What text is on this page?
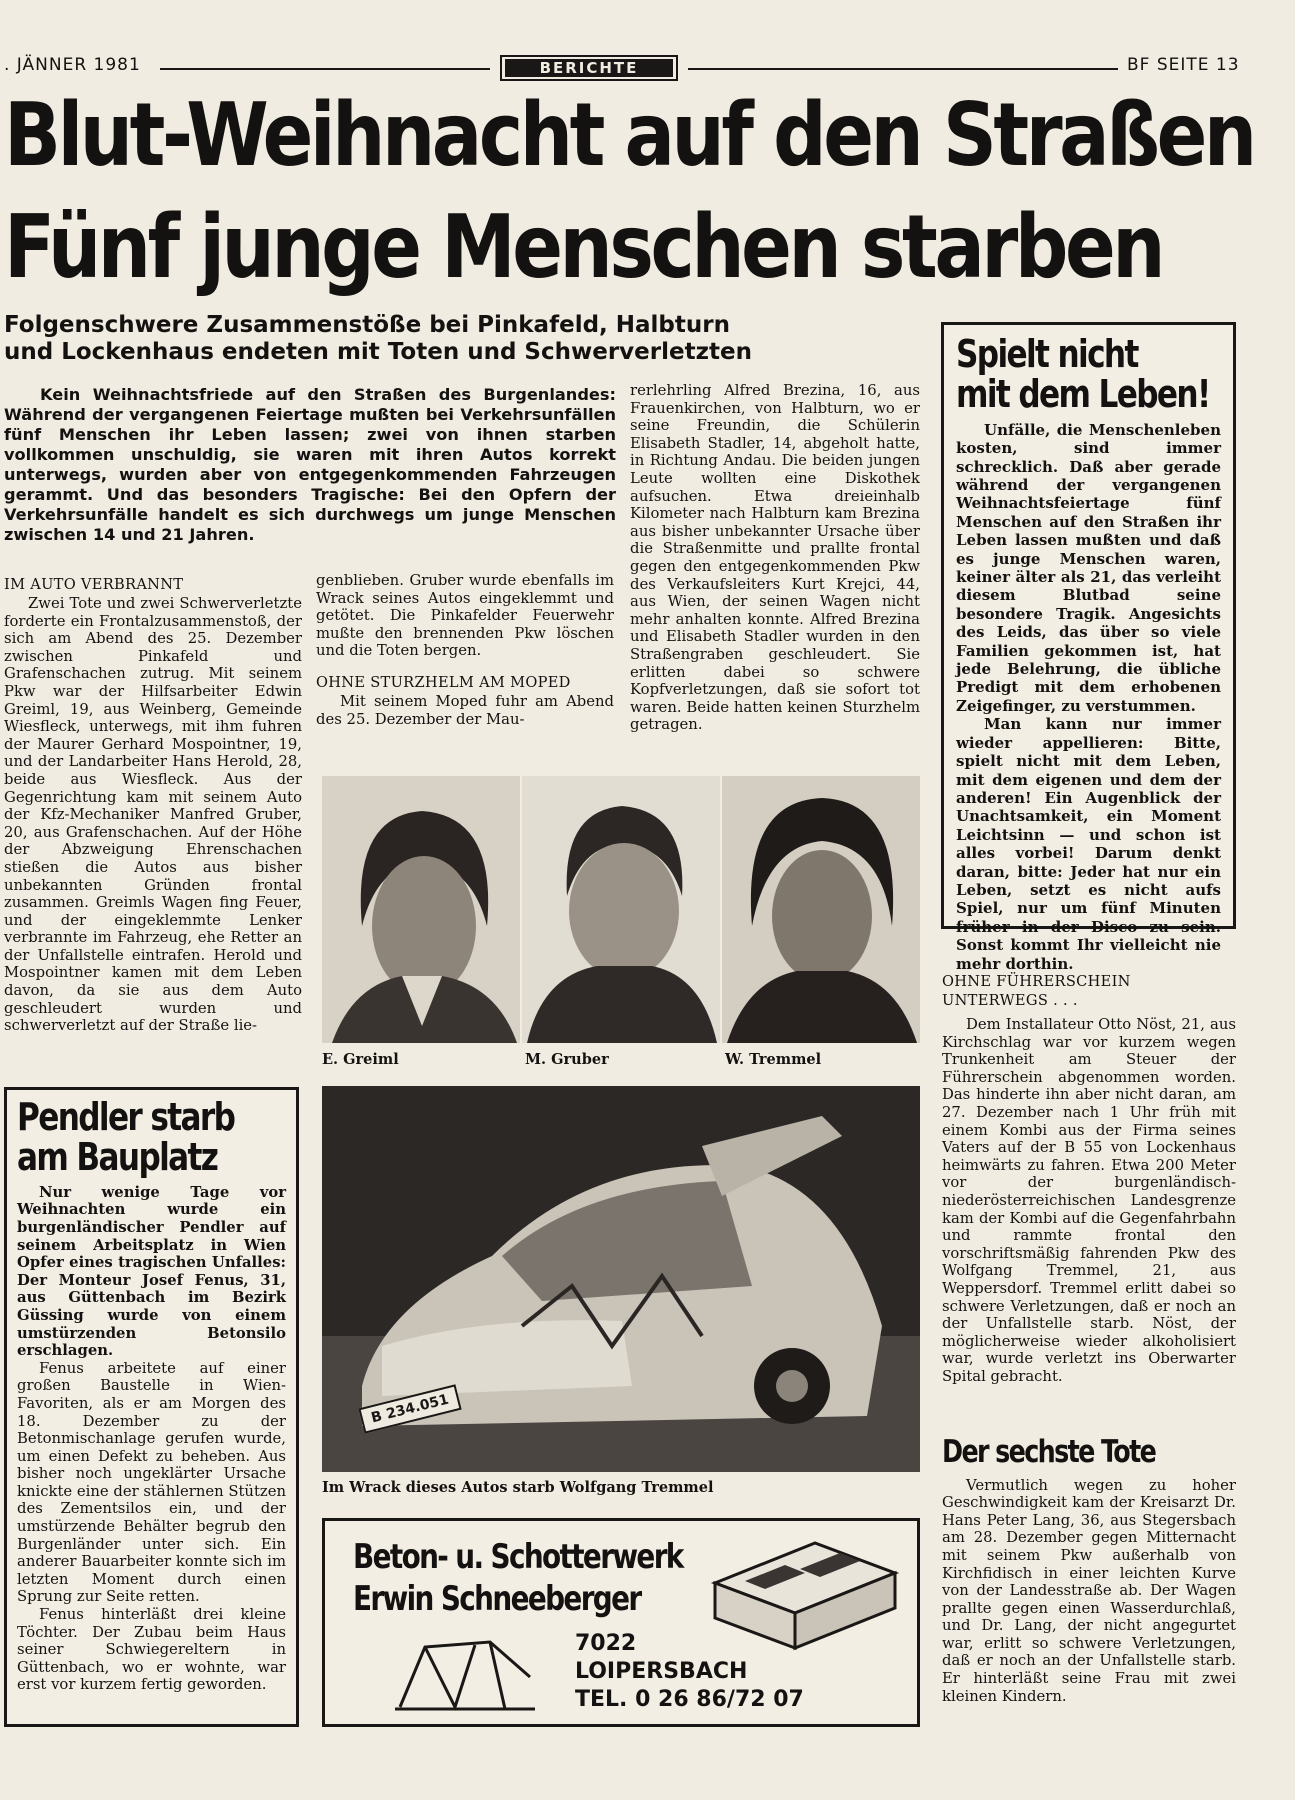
. JÄNNER 1981	BERICHTE	BF SEITE 13
Blut-Weihnacht auf den Straßen
Fünf junge Menschen starben

Folgenschwere Zusammenstöße bei Pinkafeld, Halbturn

und Lockenhaus endeten mit Toten und Schwerverletzten

Kein Weihnachtsfriede auf den Straßen des Burgenlandes: Während der vergangenen Feiertage mußten bei Verkehrsunfällen fünf Menschen ihr Leben lassen; zwei von ihnen starben vollkommen unschuldig, sie waren mit ihren Autos korrekt unterwegs, wurden aber von entgegenkommenden Fahrzeugen gerammt. Und das besonders Tragische: Bei den Opfern der Verkehrsunfälle handelt es sich durchwegs um junge Menschen zwischen 14 und 21 Jahren.

IM AUTO VERBRANNT

Zwei Tote und zwei Schwerverletzte forderte ein Frontalzusammenstoß, der sich am Abend des 25. Dezember zwischen Pinkafeld und Grafenschachen zutrug. Mit seinem Pkw war der Hilfsarbeiter Edwin Greiml, 19, aus Weinberg, Gemeinde Wiesfleck, unterwegs, mit ihm fuhren der Maurer Gerhard Mospointner, 19, und der Landarbeiter Hans Herold, 28, beide aus Wiesfleck. Aus der Gegenrichtung kam mit seinem Auto der Kfz-Mechaniker Manfred Gruber, 20, aus Grafenschachen. Auf der Höhe der Abzweigung Ehrenschachen stießen die Autos aus bisher unbekannten Gründen frontal zusammen. Greimls Wagen fing Feuer, und der eingeklemmte Lenker verbrannte im Fahrzeug, ehe Retter an der Unfallstelle eintrafen. Herold und Mospointner kamen mit dem Leben davon, da sie aus dem Auto geschleudert wurden und schwerverletzt auf der Straße lie-

genblieben. Gruber wurde ebenfalls im Wrack seines Autos eingeklemmt und getötet. Die Pinkafelder Feuerwehr mußte den brennenden Pkw löschen und die Toten bergen.

OHNE STURZHELM AM MOPED

Mit seinem Moped fuhr am Abend des 25. Dezember der Mau-

rerlehrling Alfred Brezina, 16, aus Frauenkirchen, von Halbturn, wo er seine Freundin, die Schülerin Elisabeth Stadler, 14, abgeholt hatte, in Richtung Andau. Die beiden jungen Leute wollten eine Diskothek aufsuchen. Etwa dreieinhalb Kilometer nach Halbturn kam Brezina aus bisher unbekannter Ursache über die Straßenmitte und prallte frontal gegen den entgegenkommenden Pkw des Verkaufsleiters Kurt Krejci, 44, aus Wien, der seinen Wagen nicht mehr anhalten konnte. Alfred Brezina und Elisabeth Stadler wurden in den Straßengraben geschleudert. Sie erlitten dabei so schwere Kopfverletzungen, daß sie sofort tot waren. Beide hatten keinen Sturzhelm getragen.

E. Greiml	M. Gruber	W. Tremmel
Spielt nicht
mit dem Leben!

Unfälle, die Menschenleben kosten, sind immer schrecklich. Daß aber gerade während der vergangenen Weihnachtsfeiertage fünf Menschen auf den Straßen ihr Leben lassen mußten und daß es junge Menschen waren, keiner älter als 21, das verleiht diesem Blutbad seine besondere Tragik. Angesichts des Leids, das über so viele Familien gekommen ist, hat jede Belehrung, die übliche Predigt mit dem erhobenen Zeigefinger, zu verstummen.

Man kann nur immer wieder appellieren: Bitte, spielt nicht mit dem Leben, mit dem eigenen und dem der anderen! Ein Augenblick der Unachtsamkeit, ein Moment Leichtsinn — und schon ist alles vorbei! Darum denkt daran, bitte: Jeder hat nur ein Leben, setzt es nicht aufs Spiel, nur um fünf Minuten früher in der Disco zu sein. Sonst kommt Ihr vielleicht nie mehr dorthin.

OHNE FÜHRERSCHEIN UNTERWEGS . . .

Dem Installateur Otto Nöst, 21, aus Kirchschlag war vor kurzem wegen Trunkenheit am Steuer der Führerschein abgenommen worden. Das hinderte ihn aber nicht daran, am 27. Dezember nach 1 Uhr früh mit einem Kombi aus der Firma seines Vaters auf der B 55 von Lockenhaus heimwärts zu fahren. Etwa 200 Meter vor der burgenländisch-niederösterreichischen Landesgrenze kam der Kombi auf die Gegenfahrbahn und rammte frontal den vorschriftsmäßig fahrenden Pkw des Wolfgang Tremmel, 21, aus Weppersdorf. Tremmel erlitt dabei so schwere Verletzungen, daß er noch an der Unfallstelle starb. Nöst, der möglicherweise wieder alkoholisiert war, wurde verletzt ins Oberwarter Spital gebracht.

Der sechste Tote

Vermutlich wegen zu hoher Geschwindigkeit kam der Kreisarzt Dr. Hans Peter Lang, 36, aus Stegersbach am 28. Dezember gegen Mitternacht mit seinem Pkw außerhalb von Kirchfidisch in einer leichten Kurve von der Landesstraße ab. Der Wagen prallte gegen einen Wasserdurchlaß, und Dr. Lang, der nicht angegurtet war, erlitt so schwere Verletzungen, daß er noch an der Unfallstelle starb. Er hinterläßt seine Frau mit zwei kleinen Kindern.

Pendler starb
am Bauplatz

Nur wenige Tage vor Weihnachten wurde ein burgenländischer Pendler auf seinem Arbeitsplatz in Wien Opfer eines tragischen Unfalles: Der Monteur Josef Fenus, 31, aus Güttenbach im Bezirk Güssing wurde von einem umstürzenden Betonsilo erschlagen.

Fenus arbeitete auf einer großen Baustelle in Wien-Favoriten, als er am Morgen des 18. Dezember zu der Betonmischanlage gerufen wurde, um einen Defekt zu beheben. Aus bisher noch ungeklärter Ursache knickte eine der stählernen Stützen des Zementsilos ein, und der umstürzende Behälter begrub den Burgenländer unter sich. Ein anderer Bauarbeiter konnte sich im letzten Moment durch einen Sprung zur Seite retten.

Fenus hinterläßt drei kleine Töchter. Der Zubau beim Haus seiner Schwiegereltern in Güttenbach, wo er wohnte, war erst vor kurzem fertig geworden.

B 234.051
Im Wrack dieses Autos starb Wolfgang Tremmel
Beton- u. Schotterwerk
Erwin Schneeberger
7022
LOIPERSBACH
TEL. 0 26 86/72 07
